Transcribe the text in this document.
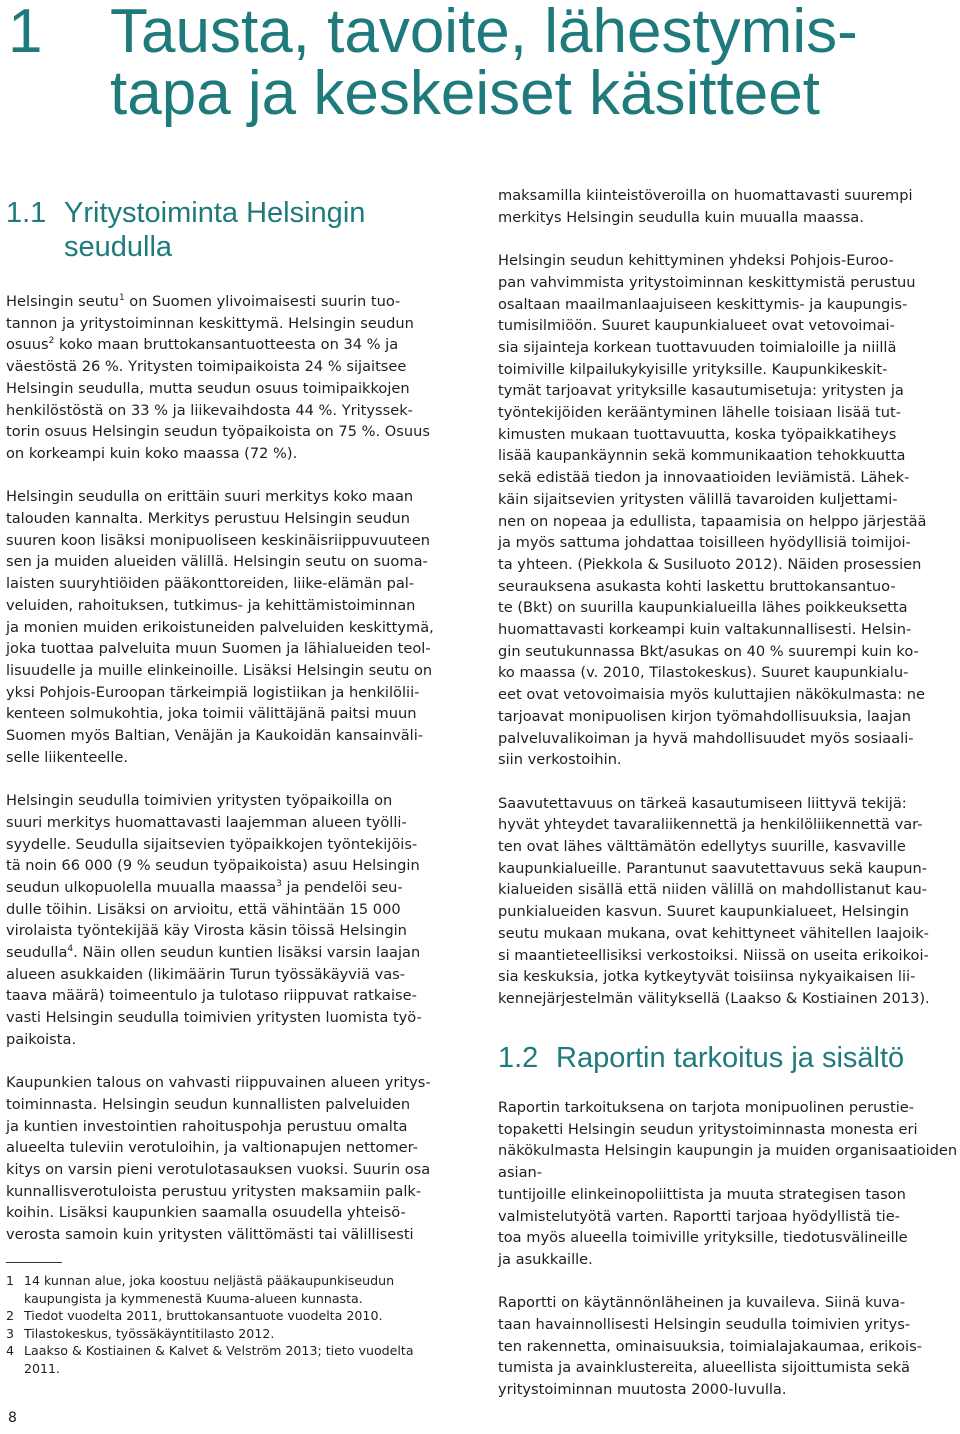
1 Tausta, tavoite, lähestymis-
tapa ja keskeiset käsitteet
1.1 Yritystoiminta Helsingin
seudulla

Helsingin seutu$^1$ on Suomen ylivoimaisesti suurin tuo-
tannon ja yritystoiminnan keskittymä. Helsingin seudun
osuus$^2$ koko maan bruttokansantuotteesta on 34 % ja
väestöstä 26 %. Yritysten toimipaikoista 24 % sijaitsee
Helsingin seudulla, mutta seudun osuus toimipaikkojen
henkilöstöstä on 33 % ja liikevaihdosta 44 %. Yrityssek-
torin osuus Helsingin seudun työpaikoista on 75 %. Osuus
on korkeampi kuin koko maassa (72 %).

Helsingin seudulla on erittäin suuri merkitys koko maan
talouden kannalta. Merkitys perustuu Helsingin seudun
suuren koon lisäksi monipuoliseen keskinäisriippuvuuteen
sen ja muiden alueiden välillä. Helsingin seutu on suoma-
laisten suuryhtiöiden pääkonttoreiden, liike-elämän pal-
veluiden, rahoituksen, tutkimus- ja kehittämistoiminnan
ja monien muiden erikoistuneiden palveluiden keskittymä,
joka tuottaa palveluita muun Suomen ja lähialueiden teol-
lisuudelle ja muille elinkeinoille. Lisäksi Helsingin seutu on
yksi Pohjois-Euroopan tärkeimpiä logistiikan ja henkilölii-
kenteen solmukohtia, joka toimii välittäjänä paitsi muun
Suomen myös Baltian, Venäjän ja Kaukoidän kansainväli-
selle liikenteelle.

Helsingin seudulla toimivien yritysten työpaikoilla on
suuri merkitys huomattavasti laajemman alueen työlli-
syydelle. Seudulla sijaitsevien työpaikkojen työntekijöis-
tä noin 66 000 (9 % seudun työpaikoista) asuu Helsingin
seudun ulkopuolella muualla maassa$^3$ ja pendelöi seu-
dulle töihin. Lisäksi on arvioitu, että vähintään 15 000
virolaista työntekijää käy Virosta käsin töissä Helsingin
seudulla$^4$. Näin ollen seudun kuntien lisäksi varsin laajan
alueen asukkaiden (likimäärin Turun työssäkäyviä vas-
taava määrä) toimeentulo ja tulotaso riippuvat ratkaise-
vasti Helsingin seudulla toimivien yritysten luomista työ-
paikoista.

Kaupunkien talous on vahvasti riippuvainen alueen yritys-
toiminnasta. Helsingin seudun kunnallisten palveluiden
ja kuntien investointien rahoituspohja perustuu omalta
alueelta tuleviin verotuloihin, ja valtionapujen nettomer-
kitys on varsin pieni verotulotasauksen vuoksi. Suurin osa
kunnallisverotuloista perustuu yritysten maksamiin palk-
koihin. Lisäksi kaupunkien saamalla osuudella yhteisö-
verosta samoin kuin yritysten välittömästi tai välillisesti

maksamilla kiinteistöveroilla on huomattavasti suurempi
merkitys Helsingin seudulla kuin muualla maassa.

Helsingin seudun kehittyminen yhdeksi Pohjois-Euroo-
pan vahvimmista yritystoiminnan keskittymistä perustuu
osaltaan maailmanlaajuiseen keskittymis- ja kaupungis-
tumisilmiöön. Suuret kaupunkialueet ovat vetovoimai-
sia sijainteja korkean tuottavuuden toimialoille ja niillä
toimiville kilpailukykyisille yrityksille. Kaupunkikeskit-
tymät tarjoavat yrityksille kasautumisetuja: yritysten ja
työntekijöiden kerääntyminen lähelle toisiaan lisää tut-
kimusten mukaan tuottavuutta, koska työpaikkatiheys
lisää kaupankäynnin sekä kommunikaation tehokkuutta
sekä edistää tiedon ja innovaatioiden leviämistä. Lähek-
käin sijaitsevien yritysten välillä tavaroiden kuljettami-
nen on nopeaa ja edullista, tapaamisia on helppo järjestää
ja myös sattuma johdattaa toisilleen hyödyllisiä toimijoi-
ta yhteen. (Piekkola & Susiluoto 2012). Näiden prosessien
seurauksena asukasta kohti laskettu bruttokansantuo-
te (Bkt) on suurilla kaupunkialueilla lähes poikkeuksetta
huomattavasti korkeampi kuin valtakunnallisesti. Helsin-
gin seutukunnassa Bkt/asukas on 40 % suurempi kuin ko-
ko maassa (v. 2010, Tilastokeskus). Suuret kaupunkialu-
eet ovat vetovoimaisia myös kuluttajien näkökulmasta: ne
tarjoavat monipuolisen kirjon työmahdollisuuksia, laajan
palveluvalikoiman ja hyvä mahdollisuudet myös sosiaali-
siin verkostoihin.

Saavutettavuus on tärkeä kasautumiseen liittyvä tekijä:
hyvät yhteydet tavaraliikennettä ja henkilöliikennettä var-
ten ovat lähes välttämätön edellytys suurille, kasvaville
kaupunkialueille. Parantunut saavutettavuus sekä kaupun-
kialueiden sisällä että niiden välillä on mahdollistanut kau-
punkialueiden kasvun. Suuret kaupunkialueet, Helsingin
seutu mukaan mukana, ovat kehittyneet vähitellen laajoik-
si maantieteellisiksi verkostoiksi. Niissä on useita erikoikoi-
sia keskuksia, jotka kytkeytyvät toisiinsa nykyaikaisen lii-
kennejärjestelmän välityksellä (Laakso & Kostiainen 2013).

1.2 Raportin tarkoitus ja sisältö

Raportin tarkoituksena on tarjota monipuolinen perustie-
topaketti Helsingin seudun yritystoiminnasta monesta eri
näkökulmasta Helsingin kaupungin ja muiden organisaatioiden asian-
tuntijoille elinkeinopoliittista ja muuta strategisen tason
valmistelutyötä varten. Raportti tarjoaa hyödyllistä tie-
toa myös alueella toimiville yrityksille, tiedotusvälineille
ja asukkaille.

Raportti on käytännönläheinen ja kuvaileva. Siinä kuva-
taan havainnollisesti Helsingin seudulla toimivien yritys-
ten rakennetta, ominaisuuksia, toimialajakaumaa, erikois-
tumista ja avainklustereita, alueellista sijoittumista sekä
yritystoiminnan muutosta 2000-luvulla.

1 14 kunnan alue, joka koostuu neljästä pääkaupunkiseudun
kaupungista ja kymmenestä Kuuma-alueen kunnasta.
2 Tiedot vuodelta 2011, bruttokansantuote vuodelta 2010.
3 Tilastokeskus, työssäkäyntitilasto 2012.
4 Laakso & Kostiainen & Kalvet & Velström 2013; tieto vuodelta
2011.
8
